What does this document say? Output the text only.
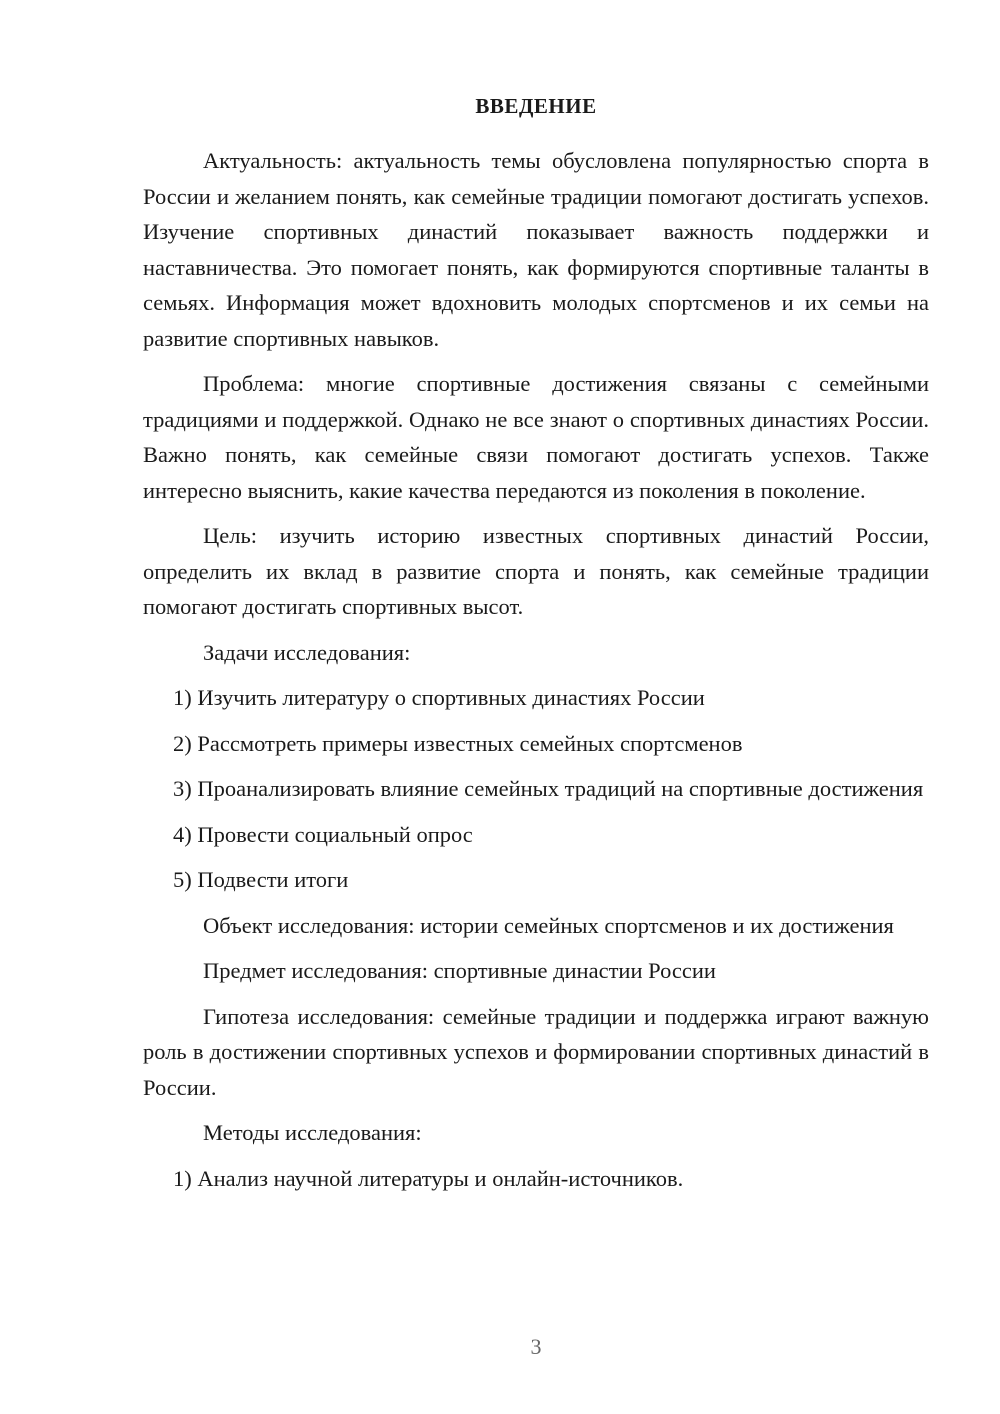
ВВЕДЕНИЕ

Актуальность: актуальность темы обусловлена популярностью спорта в России и желанием понять, как семейные традиции помогают достигать успехов. Изучение спортивных династий показывает важность поддержки и наставничества. Это помогает понять, как формируются спортивные таланты в семьях. Информация может вдохновить молодых спортсменов и их семьи на развитие спортивных навыков.

Проблема: многие спортивные достижения связаны с семейными традициями и поддержкой. Однако не все знают о спортивных династиях России. Важно понять, как семейные связи помогают достигать успехов. Также интересно выяснить, какие качества передаются из поколения в поколение.

Цель: изучить историю известных спортивных династий России, определить их вклад в развитие спорта и понять, как семейные традиции помогают достигать спортивных высот.

Задачи исследования:

1) Изучить литературу о спортивных династиях России

2) Рассмотреть примеры известных семейных спортсменов

3) Проанализировать влияние семейных традиций на спортивные достижения

4) Провести социальный опрос

5) Подвести итоги

Объект исследования: истории семейных спортсменов и их достижения

Предмет исследования: спортивные династии России

Гипотеза исследования: семейные традиции и поддержка играют важную роль в достижении спортивных успехов и формировании спортивных династий в России.

Методы исследования:

1) Анализ научной литературы и онлайн-источников.

3
